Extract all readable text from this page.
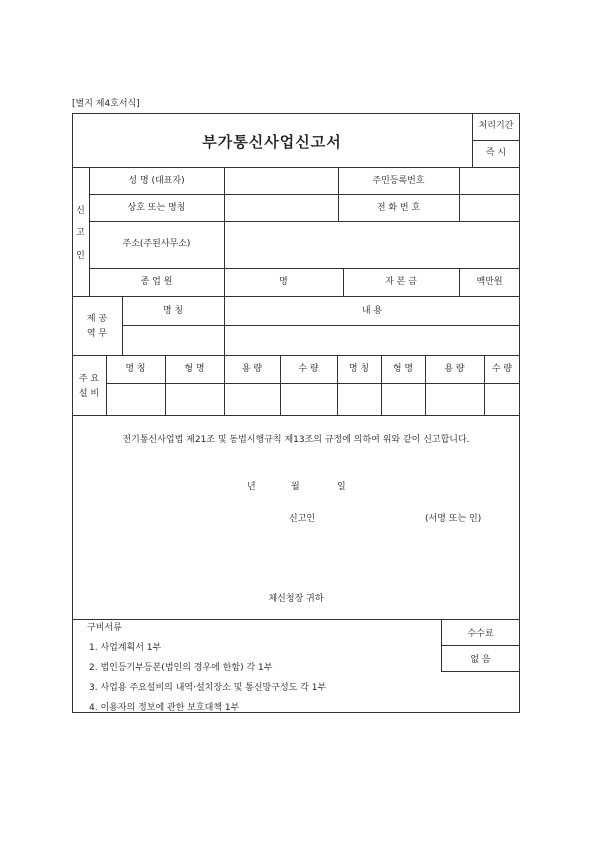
[별지 제4호서식]
부가통신사업신고서
처리기간
즉 시
신
고
인
성 명 (대표자)	주민등록번호
상호 또는 명칭	전 화 번 호
주소(주된사무소)
종 업 원	명	자 본 금	백만원
제 공
역 무
명 칭	내 용
주 요
설 비
명 칭	형 명	용 량	수 량	명 칭	형 명	용 량	수 량
전기통신사업법 제21조 및 동법시행규칙 제13조의 규정에 의하여 위와 같이 신고합니다.
년	월	일
신고인	(서명 또는 인)
체신청장 귀하
구비서류
1. 사업계획서 1부
2. 법인등기부등본(법인의 경우에 한함) 각 1부
3. 사업용 주요설비의 내역·설치장소 및 통신망구성도 각 1부
4. 이용자의 정보에 관한 보호대책 1부
수수료
없 음
